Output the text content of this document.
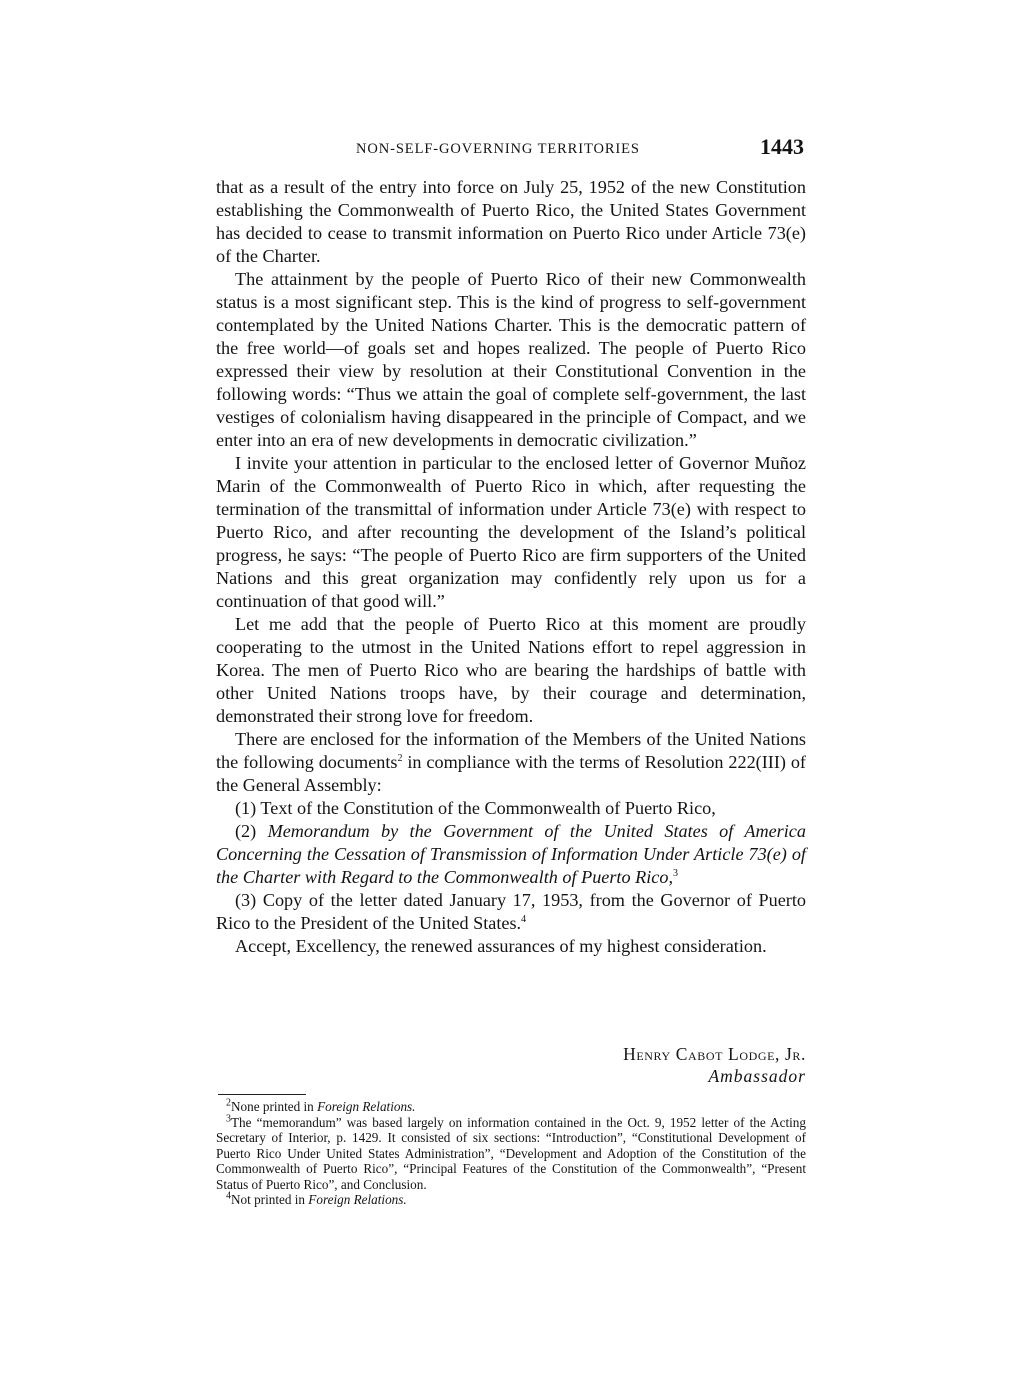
NON-SELF-GOVERNING TERRITORIES	1443

that as a result of the entry into force on July 25, 1952 of the new Constitution establishing the Commonwealth of Puerto Rico, the United States Government has decided to cease to transmit information on Puerto Rico under Article 73(e) of the Charter.

The attainment by the people of Puerto Rico of their new Commonwealth status is a most significant step. This is the kind of progress to self-government contemplated by the United Nations Charter. This is the democratic pattern of the free world—of goals set and hopes realized. The people of Puerto Rico expressed their view by resolution at their Constitutional Convention in the following words: “Thus we attain the goal of complete self-government, the last vestiges of colonialism having disappeared in the principle of Compact, and we enter into an era of new developments in democratic civilization.”

I invite your attention in particular to the enclosed letter of Governor Muñoz Marin of the Commonwealth of Puerto Rico in which, after requesting the termination of the transmittal of information under Article 73(e) with respect to Puerto Rico, and after recounting the development of the Island’s political progress, he says: “The people of Puerto Rico are firm supporters of the United Nations and this great organization may confidently rely upon us for a continuation of that good will.”

Let me add that the people of Puerto Rico at this moment are proudly cooperating to the utmost in the United Nations effort to repel aggression in Korea. The men of Puerto Rico who are bearing the hardships of battle with other United Nations troops have, by their courage and determination, demonstrated their strong love for freedom.

There are enclosed for the information of the Members of the United Nations the following documents$^2$ in compliance with the terms of Resolution 222(III) of the General Assembly:

(1) Text of the Constitution of the Commonwealth of Puerto Rico,

(2) Memorandum by the Government of the United States of America Concerning the Cessation of Transmission of Information Under Article 73(e) of the Charter with Regard to the Commonwealth of Puerto Rico,$^3$

(3) Copy of the letter dated January 17, 1953, from the Governor of Puerto Rico to the President of the United States.$^4$

Accept, Excellency, the renewed assurances of my highest consideration.

Henry Cabot Lodge, Jr.
Ambassador

$^2$None printed in Foreign Relations.

$^3$The “memorandum” was based largely on information contained in the Oct. 9, 1952 letter of the Acting Secretary of Interior, p. 1429. It consisted of six sections: “Introduction”, “Constitutional Development of Puerto Rico Under United States Administration”, “Development and Adoption of the Constitution of the Commonwealth of Puerto Rico”, “Principal Features of the Constitution of the Commonwealth”, “Present Status of Puerto Rico”, and Conclusion.

$^4$Not printed in Foreign Relations.
